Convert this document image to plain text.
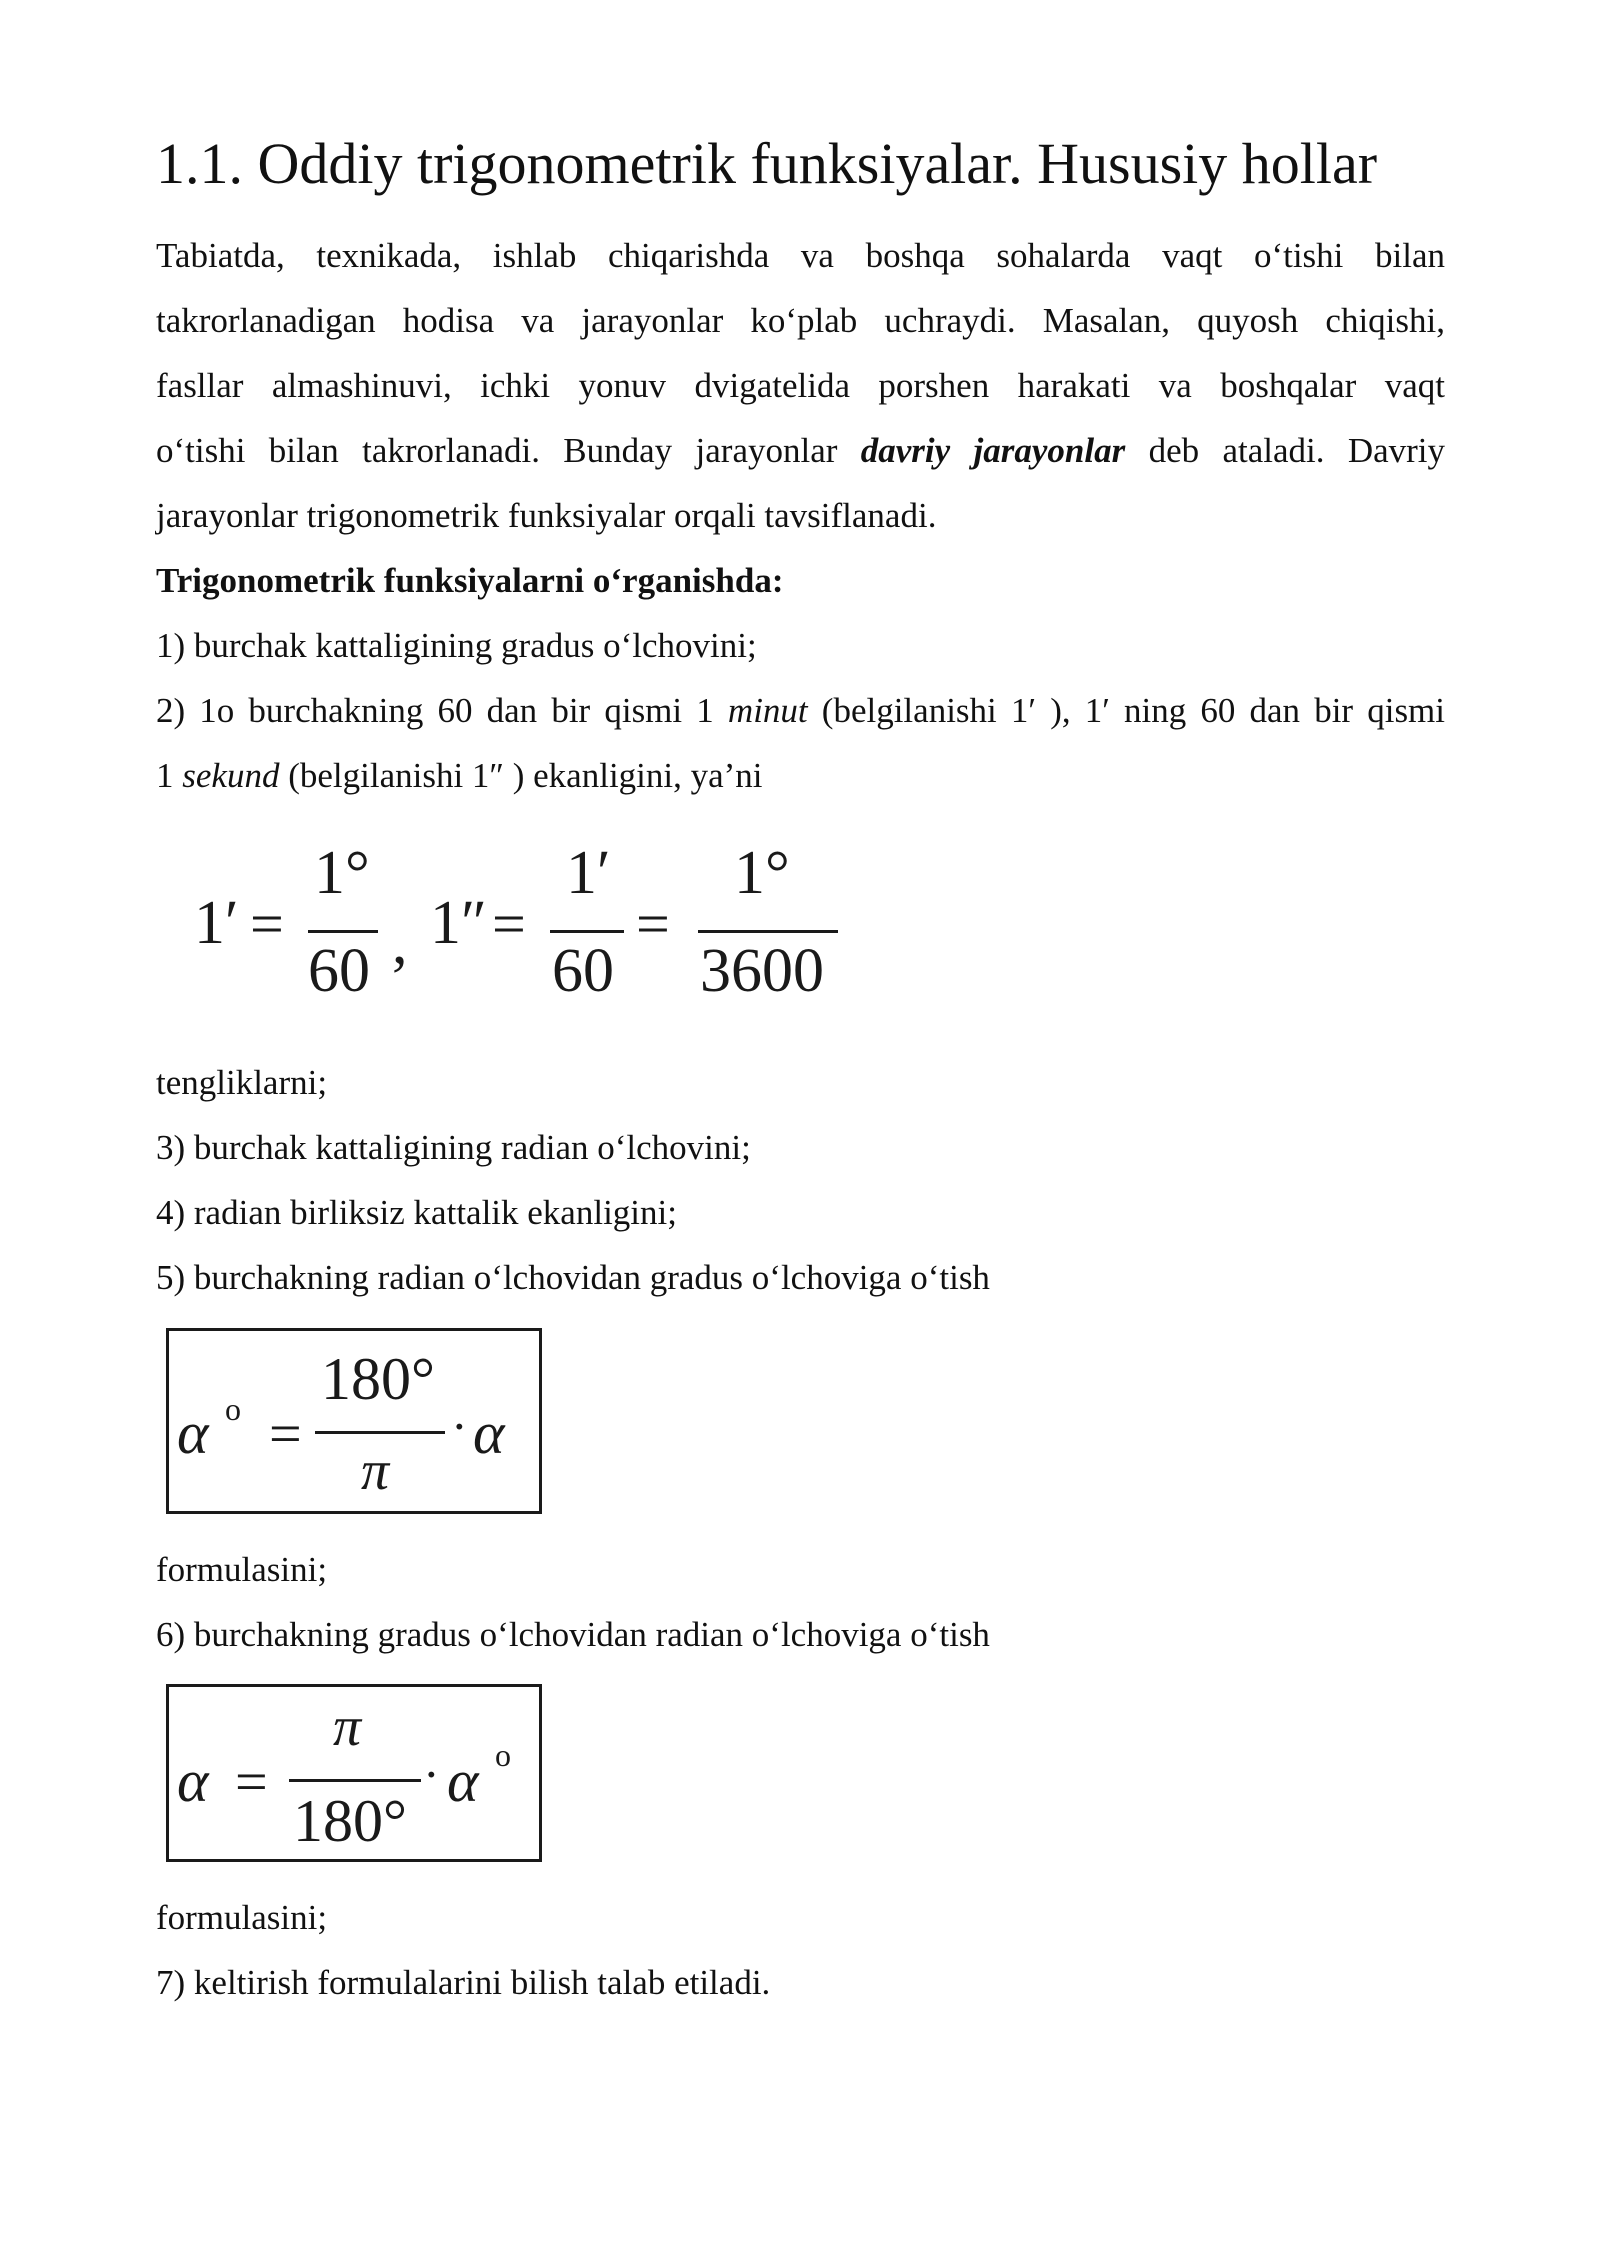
1.1. Oddiy trigonometrik funksiyalar. Hususiy hollar
Tabiatda, texnikada, ishlab chiqarishda va boshqa sohalarda vaqt o‘tishi bilan
takrorlanadigan hodisa va jarayonlar ko‘plab uchraydi. Masalan, quyosh chiqishi,
fasllar almashinuvi, ichki yonuv dvigatelida porshen harakati va boshqalar vaqt
o‘tishi bilan takrorlanadi. Bunday jarayonlar davriy jarayonlar deb ataladi. Davriy
jarayonlar trigonometrik funksiyalar orqali tavsiflanadi.
Trigonometrik funksiyalarni o‘rganishda:
1) burchak kattaligining gradus o‘lchovini;
2) 1o burchakning 60 dan bir qismi 1 minut (belgilanishi 1′ ), 1′ ning 60 dan bir qismi
1 sekund (belgilanishi 1″ ) ekanligini, ya’ni
1′ =
1°
60 , 1″ =
1′
60
=
1°
3600
tengliklarni;
3) burchak kattaligining radian o‘lchovini;
4) radian birliksiz kattalik ekanligini;
5) burchakning radian o‘lchovidan gradus o‘lchoviga o‘tish
α o =
180°
π
· α
formulasini;
6) burchakning gradus o‘lchovidan radian o‘lchoviga o‘tish
α =
π
180°
· α o
formulasini;
7) keltirish formulalarini bilish talab etiladi.
